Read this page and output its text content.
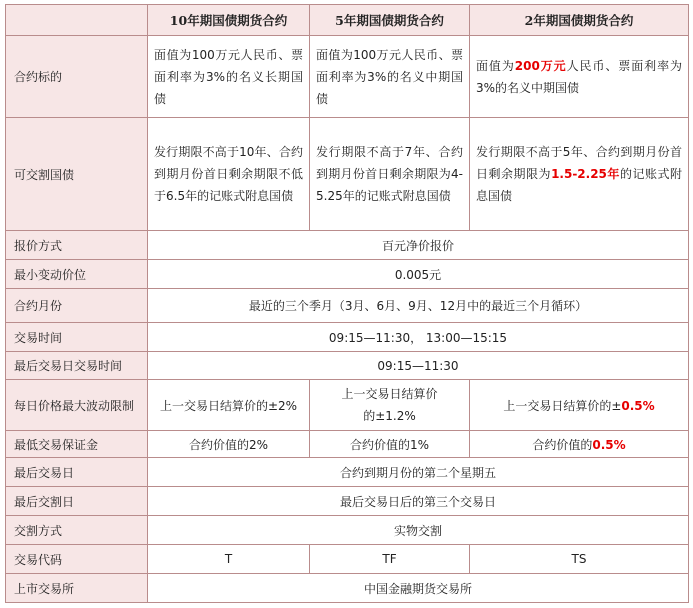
	10年期国债期货合约	5年期国债期货合约	2年期国债期货合约
合约标的	面值为100万元人民币、票面利率为3%的名义长期国债	面值为100万元人民币、票面利率为3%的名义中期国债	面值为200万元人民币、票面利率为3%的名义中期国债
可交割国债	发行期限不高于10年、合约到期月份首日剩余期限不低于6.5年的记账式附息国债	发行期限不高于7年、合约到期月份首日剩余期限为4-5.25年的记账式附息国债	发行期限不高于5年、合约到期月份首日剩余期限为1.5-2.25年的记账式附息国债
报价方式	百元净价报价		
最小变动价位	0.005元		
合约月份	最近的三个季月（3月、6月、9月、12月中的最近三个月循环）		
交易时间	09:15—11:30， 13:00—15:15		
最后交易日交易时间	09:15—11:30		
每日价格最大波动限制	上一交易日结算价的±2%	上一交易日结算价的±1.2%	上一交易日结算价的±0.5%
最低交易保证金	合约价值的2%	合约价值的1%	合约价值的0.5%
最后交易日	合约到期月份的第二个星期五		
最后交割日	最后交易日后的第三个交易日		
交割方式	实物交割		
交易代码	T	TF	TS
上市交易所	中国金融期货交易所		
